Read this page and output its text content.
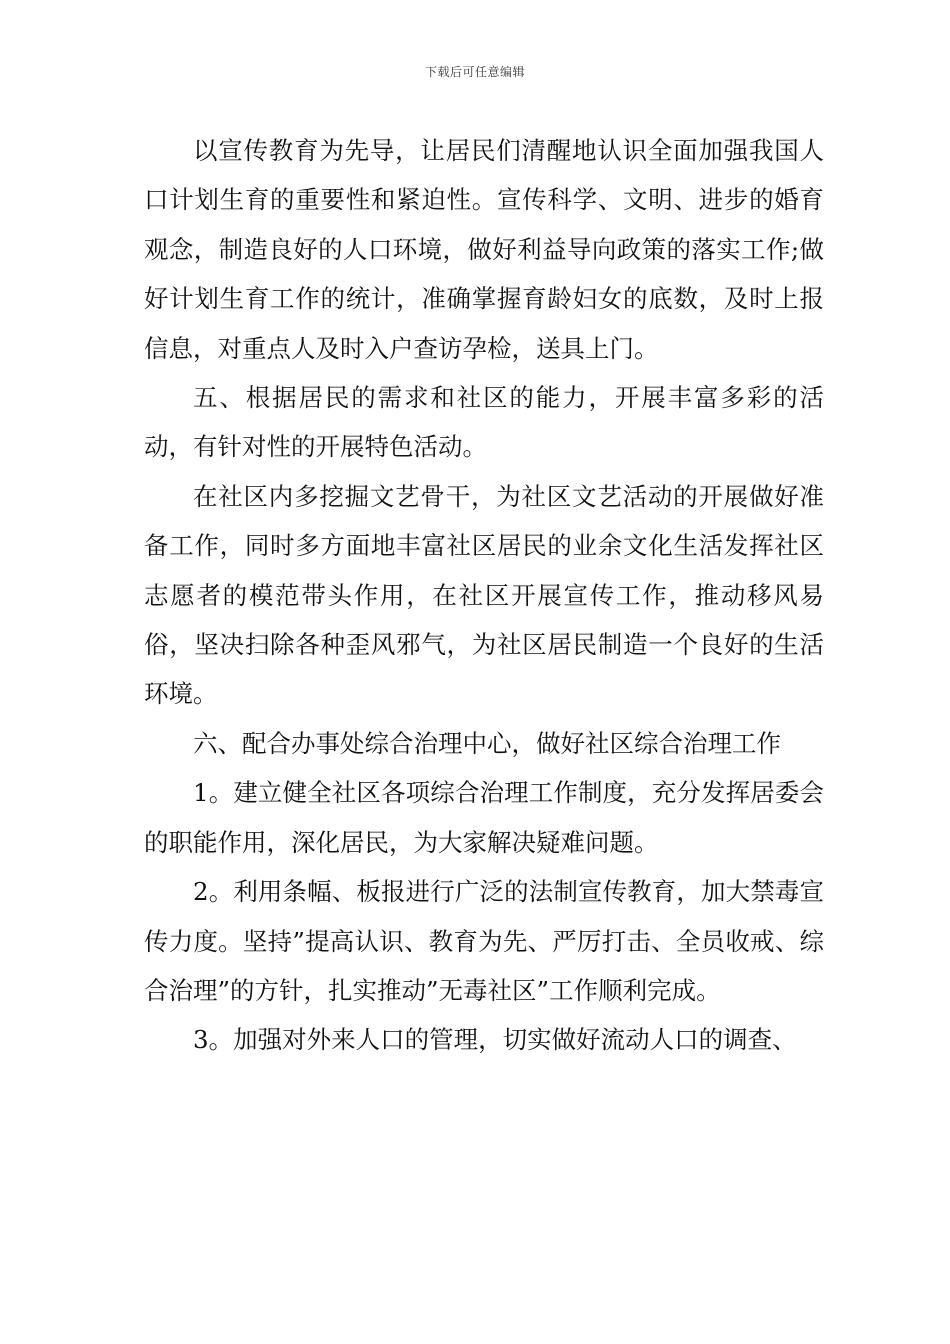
下载后可任意编辑

以宣传教育为先导，让居民们清醒地认识全面加强我国人口计划生育的重要性和紧迫性。宣传科学、文明、进步的婚育观念，制造良好的人口环境，做好利益导向政策的落实工作;做好计划生育工作的统计，准确掌握育龄妇女的底数，及时上报信息，对重点人及时入户查访孕检，送具上门。

五、根据居民的需求和社区的能力，开展丰富多彩的活动，有针对性的开展特色活动。

在社区内多挖掘文艺骨干，为社区文艺活动的开展做好准备工作，同时多方面地丰富社区居民的业余文化生活发挥社区志愿者的模范带头作用，在社区开展宣传工作，推动移风易俗，坚决扫除各种歪风邪气，为社区居民制造一个良好的生活环境。

六、配合办事处综合治理中心，做好社区综合治理工作

1。建立健全社区各项综合治理工作制度，充分发挥居委会的职能作用，深化居民，为大家解决疑难问题。

2。利用条幅、板报进行广泛的法制宣传教育，加大禁毒宣传力度。坚持”提高认识、教育为先、严厉打击、全员收戒、综合治理”的方针，扎实推动”无毒社区”工作顺利完成。

3。加强对外来人口的管理，切实做好流动人口的调查、
